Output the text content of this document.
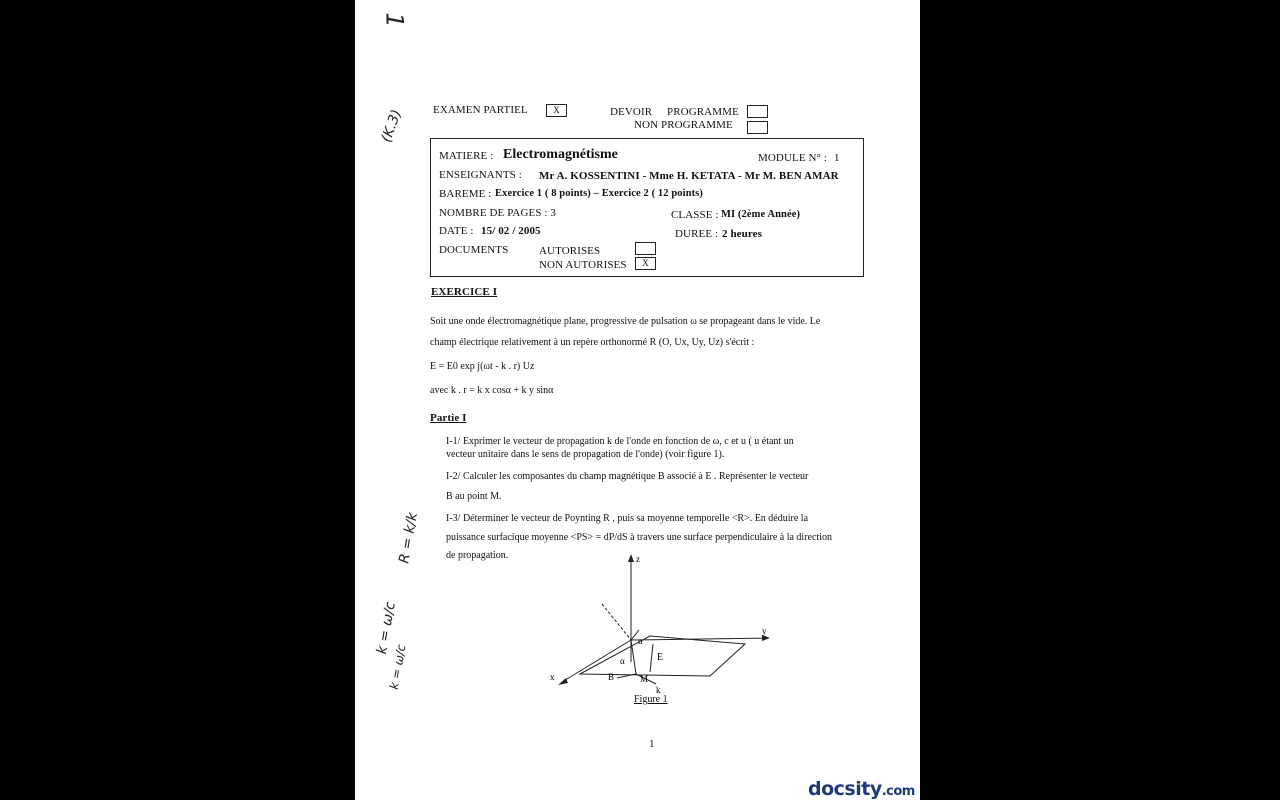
1
(K.3)	EXAMEN PARTIEL	X	DEVOIR PROGRAMME
NON PROGRAMME
MATIERE : Electromagnétisme	MODULE N° : 1
ENSEIGNANTS : Mr A. KOSSENTINI - Mme H. KETATA - Mr M. BEN AMAR
BAREME : Exercice 1 ( 8 points) – Exercice 2 ( 12 points)
NOMBRE DE PAGES : 3	CLASSE : MI (2ème Année)
DATE : 15/ 02 / 2005	DUREE : 2 heures
DOCUMENTS	AUTORISES
NON AUTORISES	X
EXERCICE I
Soit une onde électromagnétique plane, progressive de pulsation ω se propageant dans le vide. Le
champ électrique relativement à un repère orthonormé R (O, Ux, Uy, Uz) s'écrit :
E = E0 exp j(ωt - k . r) Uz
avec k . r = k x cosα + k y sinα
Partie I
I-1/ Exprimer le vecteur de propagation k de l'onde en fonction de ω, c et u ( u étant un
vecteur unitaire dans le sens de propagation de l'onde) (voir figure 1).
I-2/ Calculer les composantes du champ magnétique B associé à E . Représenter le vecteur
B au point M.
I-3/ Déterminer le vecteur de Poynting R , puis sa moyenne temporelle <R>. En déduire la
puissance surfacique moyenne <PS> = dP/dS à travers une surface perpendiculaire à la direction
de propagation.
R = k/k
k = ω/c
k = ω/c
z
y
x
u
E
α
M
B
k
Figure 1
1
docsity.com
